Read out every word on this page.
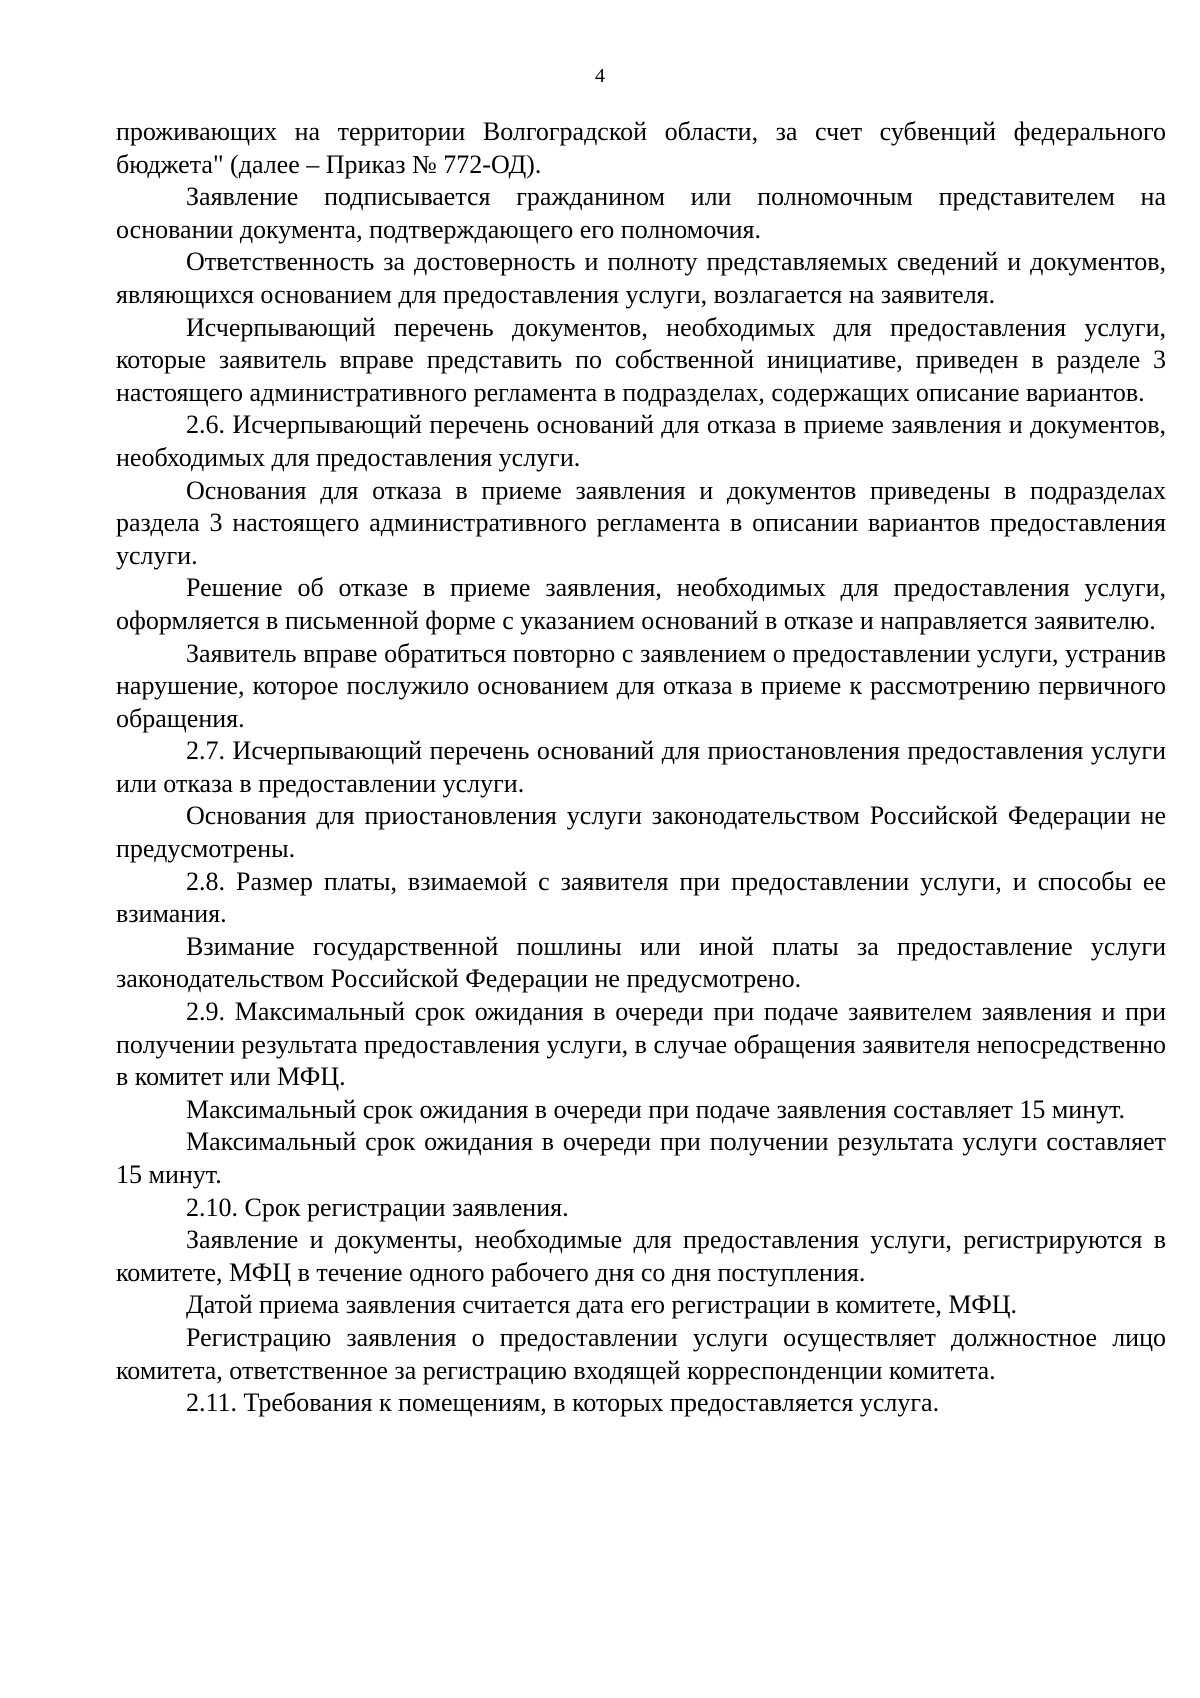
4

проживающих на территории Волгоградской области, за счет субвенций федерального бюджета" (далее – Приказ № 772-ОД).

Заявление подписывается гражданином или полномочным представителем на основании документа, подтверждающего его полномочия.

Ответственность за достоверность и полноту представляемых сведений и документов, являющихся основанием для предоставления услуги, возлагается на заявителя.

Исчерпывающий перечень документов, необходимых для предоставления услуги, которые заявитель вправе представить по собственной инициативе, приведен в разделе 3 настоящего административного регламента в подразделах, содержащих описание вариантов.

2.6. Исчерпывающий перечень оснований для отказа в приеме заявления и документов, необходимых для предоставления услуги.

Основания для отказа в приеме заявления и документов приведены в подразделах раздела 3 настоящего административного регламента в описании вариантов предоставления услуги.

Решение об отказе в приеме заявления, необходимых для предоставления услуги, оформляется в письменной форме с указанием оснований в отказе и направляется заявителю.

Заявитель вправе обратиться повторно с заявлением о предоставлении услуги, устранив нарушение, которое послужило основанием для отказа в приеме к рассмотрению первичного обращения.

2.7. Исчерпывающий перечень оснований для приостановления предоставления услуги или отказа в предоставлении услуги.

Основания для приостановления услуги законодательством Российской Федерации не предусмотрены.

2.8. Размер платы, взимаемой с заявителя при предоставлении услуги, и способы ее взимания.

Взимание государственной пошлины или иной платы за предоставление услуги законодательством Российской Федерации не предусмотрено.

2.9. Максимальный срок ожидания в очереди при подаче заявителем заявления и при получении результата предоставления услуги, в случае обращения заявителя непосредственно в комитет или МФЦ.

Максимальный срок ожидания в очереди при подаче заявления составляет 15 минут.

Максимальный срок ожидания в очереди при получении результата услуги составляет 15 минут.

2.10. Срок регистрации заявления.

Заявление и документы, необходимые для предоставления услуги, регистрируются в комитете, МФЦ в течение одного рабочего дня со дня поступления.

Датой приема заявления считается дата его регистрации в комитете, МФЦ.

Регистрацию заявления о предоставлении услуги осуществляет должностное лицо комитета, ответственное за регистрацию входящей корреспонденции комитета.

2.11. Требования к помещениям, в которых предоставляется услуга.
